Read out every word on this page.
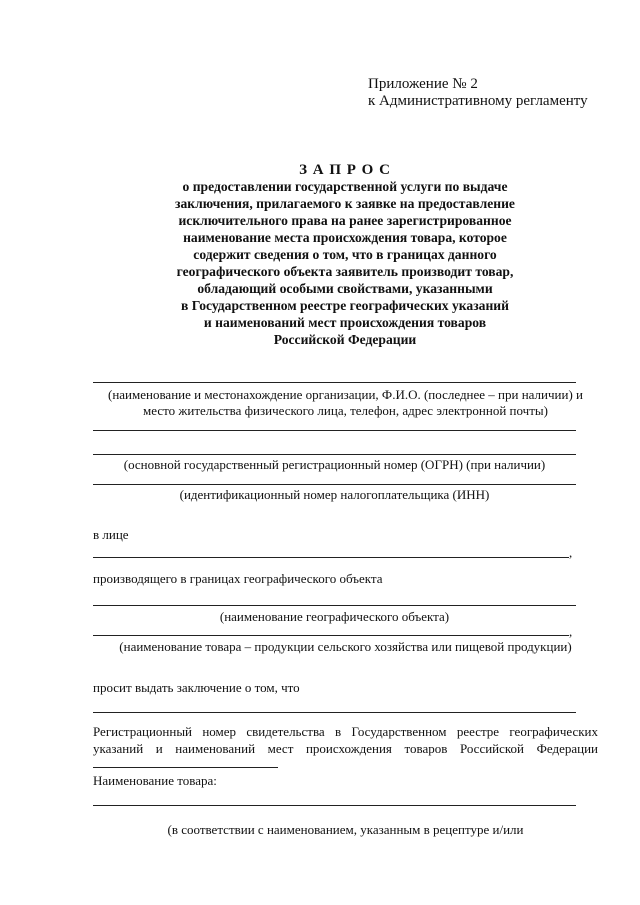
Приложение № 2
к Административному регламенту
З А П Р О С
о предоставлении государственной услуги по выдаче
заключения, прилагаемого к заявке на предоставление
исключительного права на ранее зарегистрированное
наименование места происхождения товара, которое
содержит сведения о том, что в границах данного
географического объекта заявитель производит товар,
обладающий особыми свойствами, указанными
в Государственном реестре географических указаний
и наименований мест происхождения товаров
Российской Федерации
(наименование и местонахождение организации, Ф.И.О. (последнее – при наличии) и
место жительства физического лица, телефон, адрес электронной почты)
(основной государственный регистрационный номер (ОГРН) (при наличии)
(идентификационный номер налогоплательщика (ИНН)
в лице
,
производящего в границах географического объекта
(наименование географического объекта)
,
(наименование товара – продукции сельского хозяйства или пищевой продукции)
просит выдать заключение о том, что
Регистрационный номер свидетельства в Государственном реестре географических
указаний и наименований мест происхождения товаров Российской Федерации
Наименование товара:
(в соответствии с наименованием, указанным в рецептуре и/или
